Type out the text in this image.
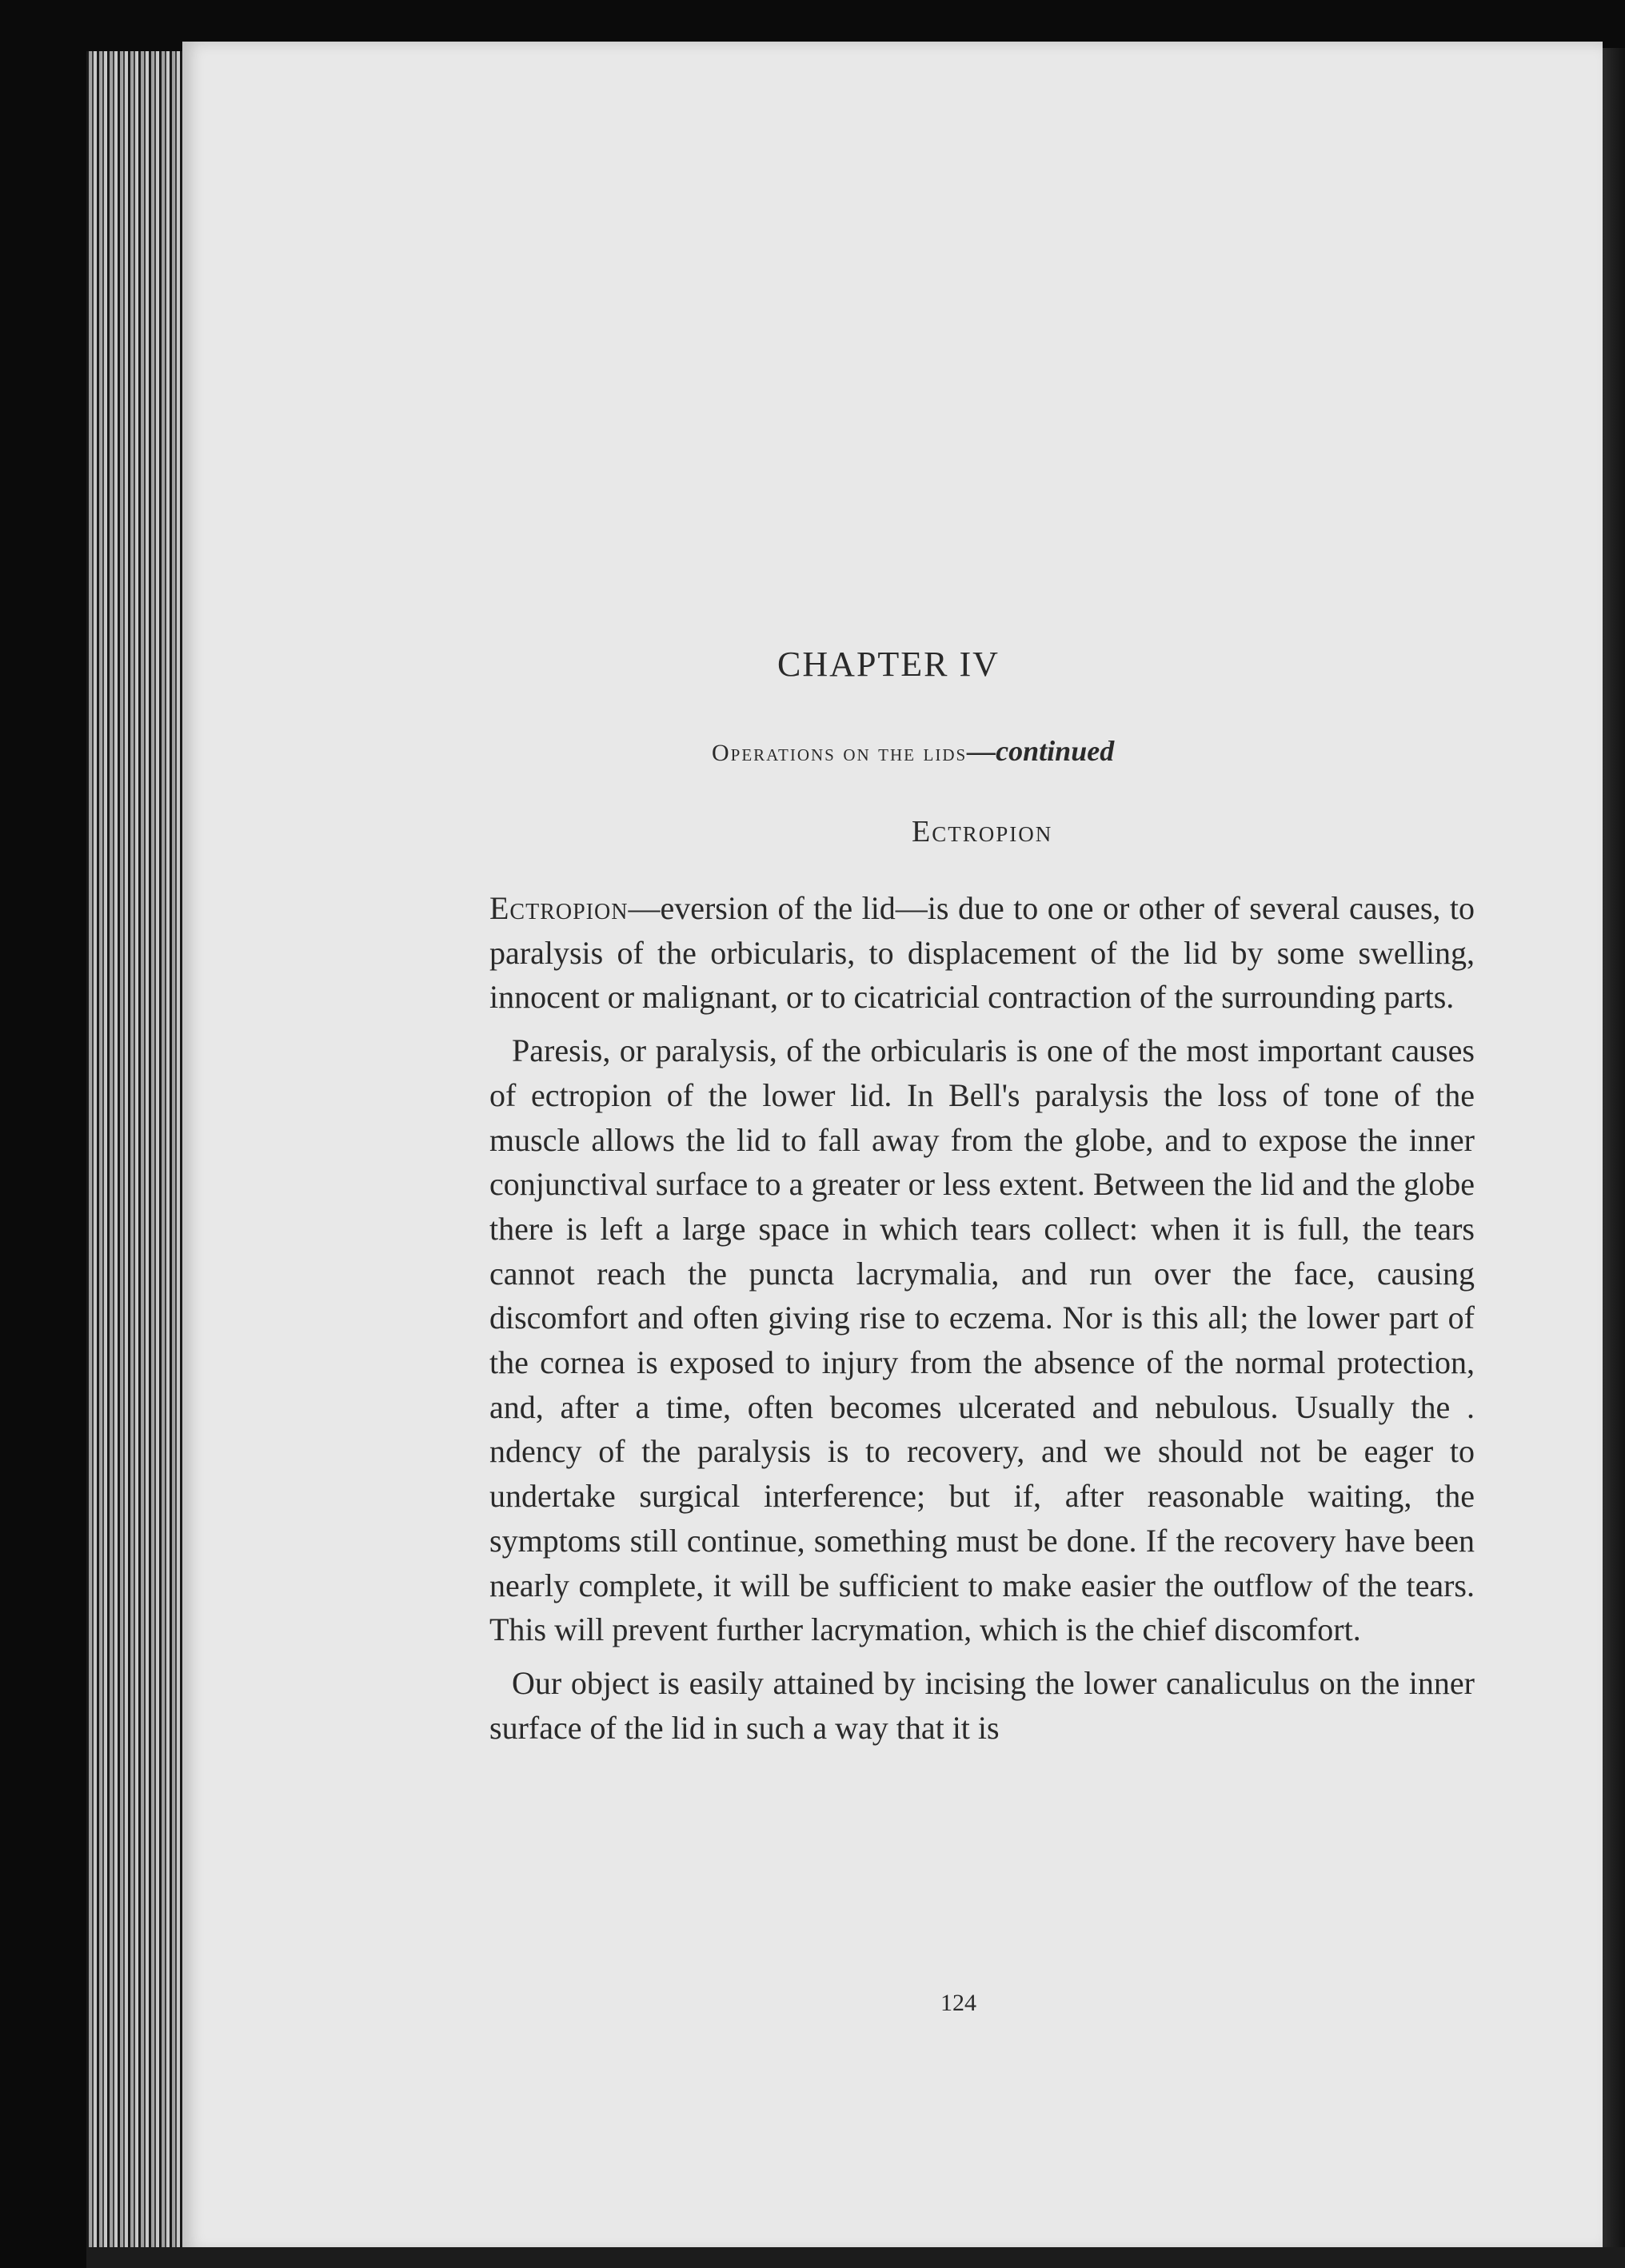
CHAPTER IV
Operations on the lids—continued
Ectropion

Ectropion—eversion of the lid—is due to one or other of several causes, to paralysis of the orbicularis, to displacement of the lid by some swelling, innocent or malignant, or to cicatricial contraction of the surrounding parts.

Paresis, or paralysis, of the orbicularis is one of the most important causes of ectropion of the lower lid. In Bell's paralysis the loss of tone of the muscle allows the lid to fall away from the globe, and to expose the inner conjunctival surface to a greater or less extent. Between the lid and the globe there is left a large space in which tears collect: when it is full, the tears cannot reach the puncta lacrymalia, and run over the face, causing discomfort and often giving rise to eczema. Nor is this all; the lower part of the cornea is exposed to injury from the absence of the normal protection, and, after a time, often becomes ulcerated and nebulous. Usually the . ndency of the paralysis is to recovery, and we should not be eager to undertake surgical interference; but if, after reasonable waiting, the symptoms still continue, something must be done. If the recovery have been nearly complete, it will be sufficient to make easier the outflow of the tears. This will prevent further lacrymation, which is the chief discomfort.

Our object is easily attained by incising the lower canaliculus on the inner surface of the lid in such a way that it is

124
